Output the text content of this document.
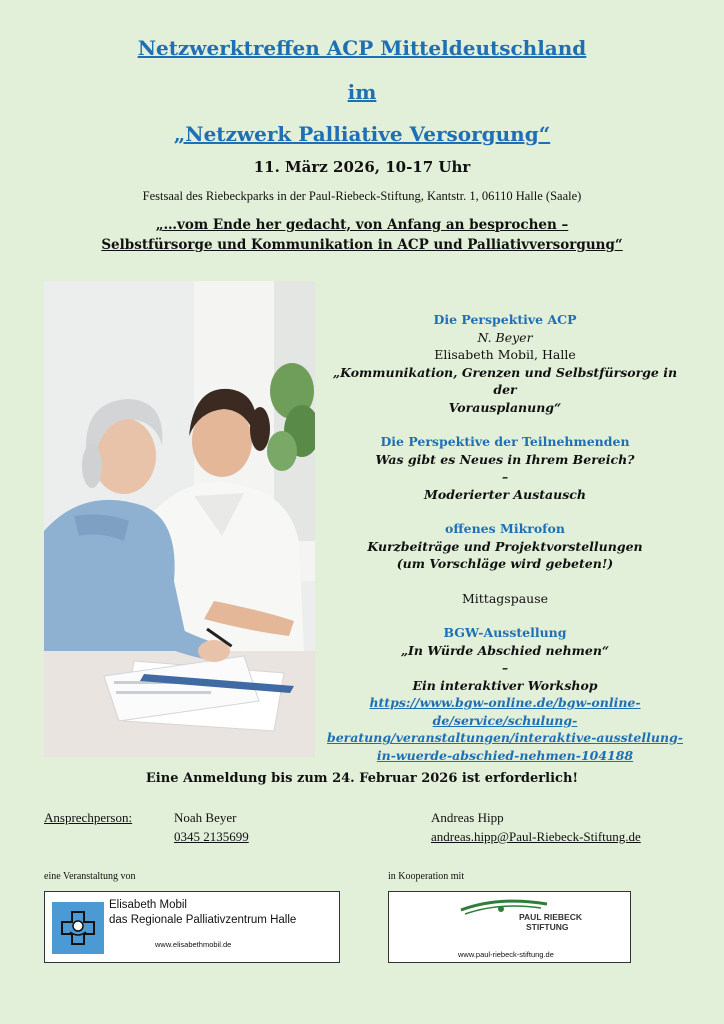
Netzwerktreffen ACP Mitteldeutschland
im
„Netzwerk Palliative Versorgung“
11. März 2026, 10-17 Uhr
Festsaal des Riebeckparks in der Paul-Riebeck-Stiftung, Kantstr. 1, 06110 Halle (Saale)
„…vom Ende her gedacht, von Anfang an besprochen –
Selbstfürsorge und Kommunikation in ACP und Palliativversorgung“
Die Perspektive ACP
N. Beyer
Elisabeth Mobil, Halle
„Kommunikation, Grenzen und Selbstfürsorge in der
Vorausplanung“
Die Perspektive der Teilnehmenden
Was gibt es Neues in Ihrem Bereich?
–
Moderierter Austausch
offenes Mikrofon
Kurzbeiträge und Projektvorstellungen
(um Vorschläge wird gebeten!)
Mittagspause
BGW-Ausstellung
„In Würde Abschied nehmen“
–
Ein interaktiver Workshop
https://www.bgw-online.de/bgw-online-
de/service/schulung-
beratung/veranstaltungen/interaktive-ausstellung-
in-wuerde-abschied-nehmen-104188
Eine Anmeldung bis zum 24. Februar 2026 ist erforderlich!
Ansprechperson:	Noah Beyer
0345 2135699
Andreas Hipp
andreas.hipp@Paul-Riebeck-Stiftung.de
eine Veranstaltung von	in Kooperation mit
Elisabeth Mobil
das Regionale Palliativzentrum Halle
www.elisabethmobil.de
PAUL RIEBECK
STIFTUNG
www.paul-riebeck-stiftung.de
